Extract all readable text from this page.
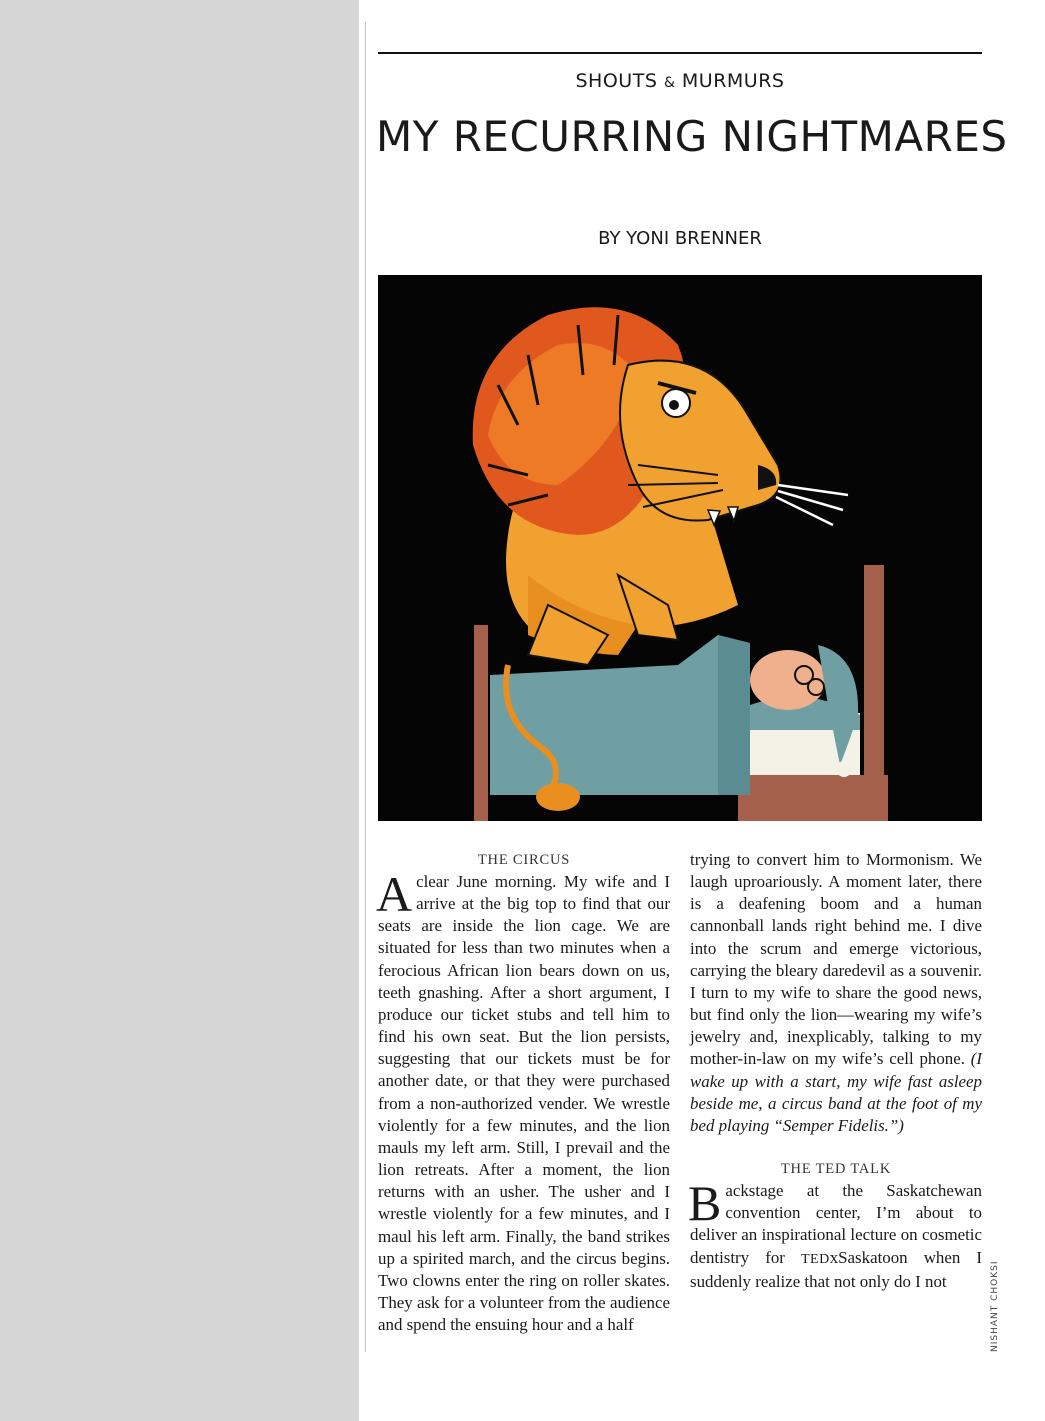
SHOUTS & MURMURS
MY RECURRING NIGHTMARES
BY YONI BRENNER

THE CIRCUS

Aclear June morning. My wife and I arrive at the big top to find that our seats are inside the lion cage. We are situated for less than two minutes when a ferocious African lion bears down on us, teeth gnashing. After a short argument, I produce our ticket stubs and tell him to find his own seat. But the lion persists, suggesting that our tickets must be for another date, or that they were purchased from a non-authorized vender. We wrestle violently for a few minutes, and the lion mauls my left arm. Still, I prevail and the lion retreats. After a moment, the lion returns with an usher. The usher and I wrestle violently for a few minutes, and I maul his left arm. Finally, the band strikes up a spirited march, and the circus begins. Two clowns enter the ring on roller skates. They ask for a volunteer from the audience and spend the ensuing hour and a half

trying to convert him to Mormonism. We laugh uproariously. A moment later, there is a deafening boom and a human cannonball lands right behind me. I dive into the scrum and emerge victorious, carrying the bleary daredevil as a souvenir. I turn to my wife to share the good news, but find only the lion—wearing my wife’s jewelry and, inexplicably, talking to my mother-in-law on my wife’s cell phone. (I wake up with a start, my wife fast asleep beside me, a circus band at the foot of my bed playing “Semper Fidelis.”)

THE TED TALK

Backstage at the Saskatchewan convention center, I’m about to deliver an inspirational lecture on cosmetic dentistry for TEDxSaskatoon when I suddenly realize that not only do I not	NISHANT CHOKSI
